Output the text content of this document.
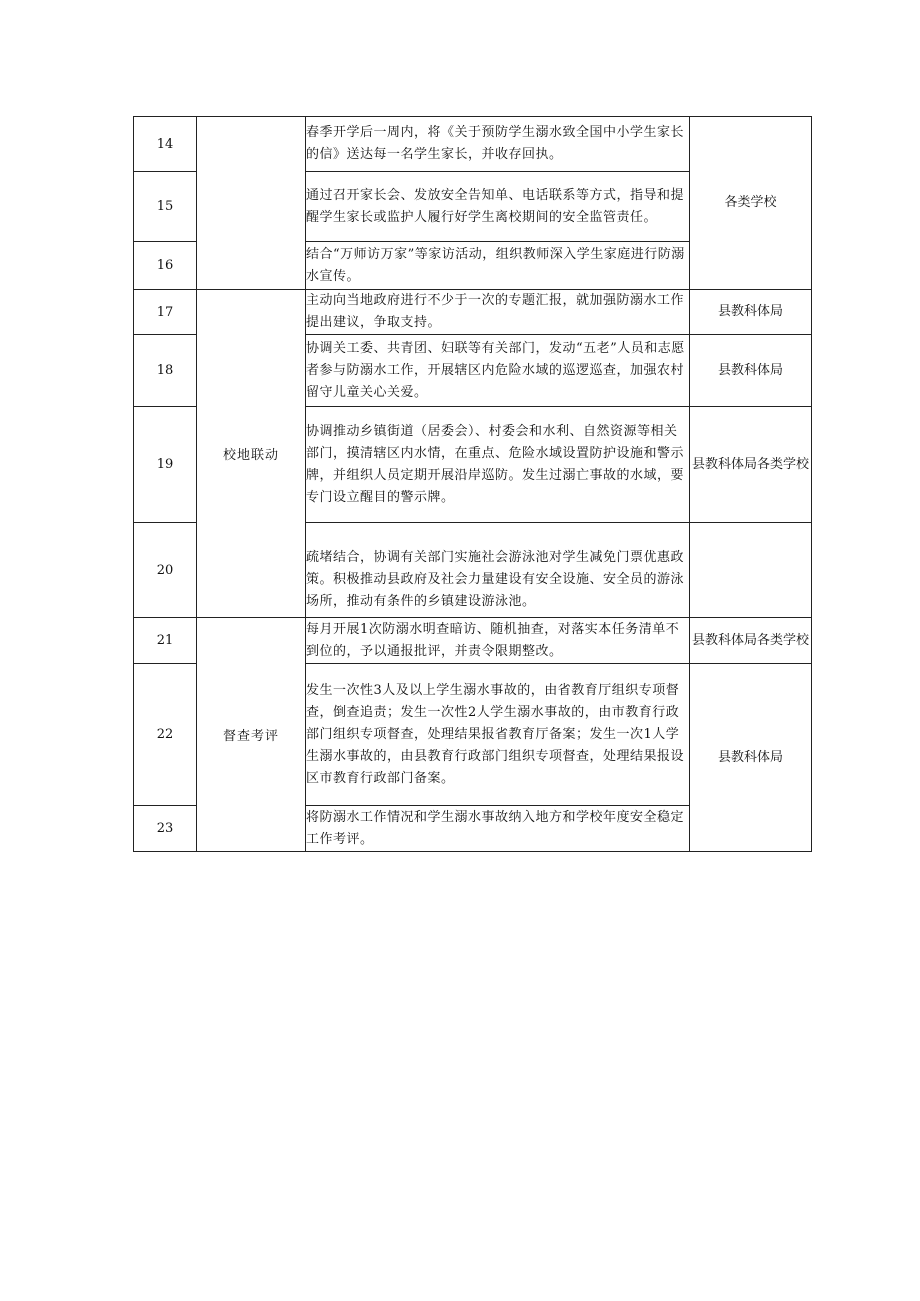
14		春季开学后一周内，将《关于预防学生溺水致全国中小学生家长的信》送达每一名学生家长，并收存回执。	各类学校
15		通过召开家长会、发放安全告知单、电话联系等方式，指导和提醒学生家长或监护人履行好学生离校期间的安全监管责任。	
16		结合“万师访万家”等家访活动，组织教师深入学生家庭进行防溺水宣传。	
17	校地联动	主动向当地政府进行不少于一次的专题汇报，就加强防溺水工作提出建议，争取支持。	县教科体局
18		协调关工委、共青团、妇联等有关部门，发动“五老”人员和志愿者参与防溺水工作，开展辖区内危险水域的巡逻巡查，加强农村留守儿童关心关爱。	县教科体局
19		协调推动乡镇街道（居委会）、村委会和水利、自然资源等相关部门，摸清辖区内水情，在重点、危险水域设置防护设施和警示牌，并组织人员定期开展沿岸巡防。发生过溺亡事故的水域，要专门设立醒目的警示牌。	县教科体局各类学校
20		疏堵结合，协调有关部门实施社会游泳池对学生减免门票优惠政策。积极推动县政府及社会力量建设有安全设施、安全员的游泳场所，推动有条件的乡镇建设游泳池。	
21	督查考评	每月开展1次防溺水明查暗访、随机抽查，对落实本任务清单不到位的，予以通报批评，并责令限期整改。	县教科体局各类学校
22		发生一次性3人及以上学生溺水事故的，由省教育厅组织专项督查，倒查追责；发生一次性2人学生溺水事故的，由市教育行政部门组织专项督查，处理结果报省教育厅备案；发生一次1人学生溺水事故的，由县教育行政部门组织专项督查，处理结果报设区市教育行政部门备案。	县教科体局
23		将防溺水工作情况和学生溺水事故纳入地方和学校年度安全稳定工作考评。	
